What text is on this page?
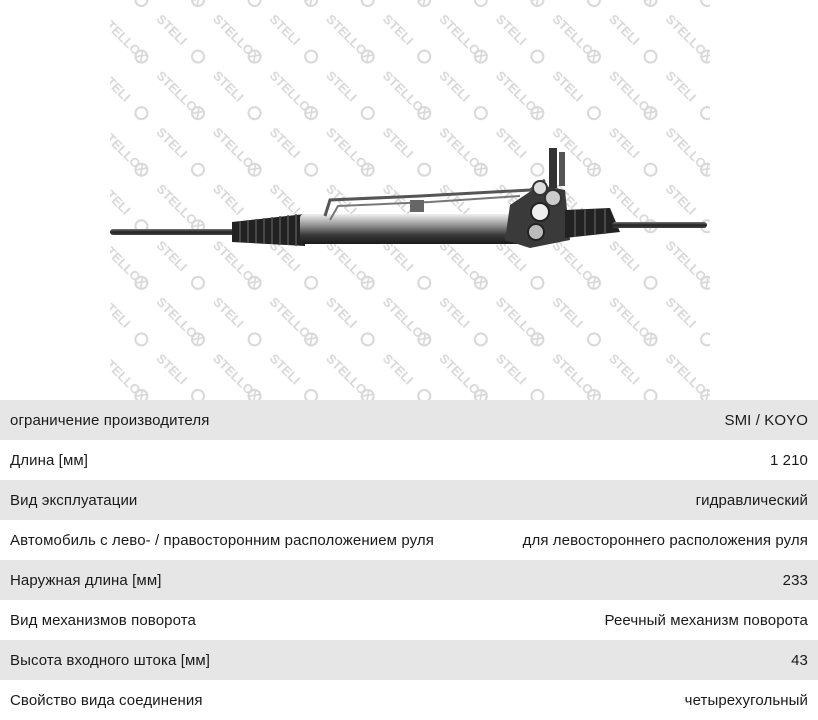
ограничение производителя	SMI / KOYO
Длина [мм]	1 210
Вид эксплуатации	гидравлический
Автомобиль с лево- / правосторонним расположением руля	для левостороннего расположения руля
Наружная длина [мм]	233
Вид механизмов поворота	Реечный механизм поворота
Высота входного штока [мм]	43
Свойство вида соединения	четырехугольный
